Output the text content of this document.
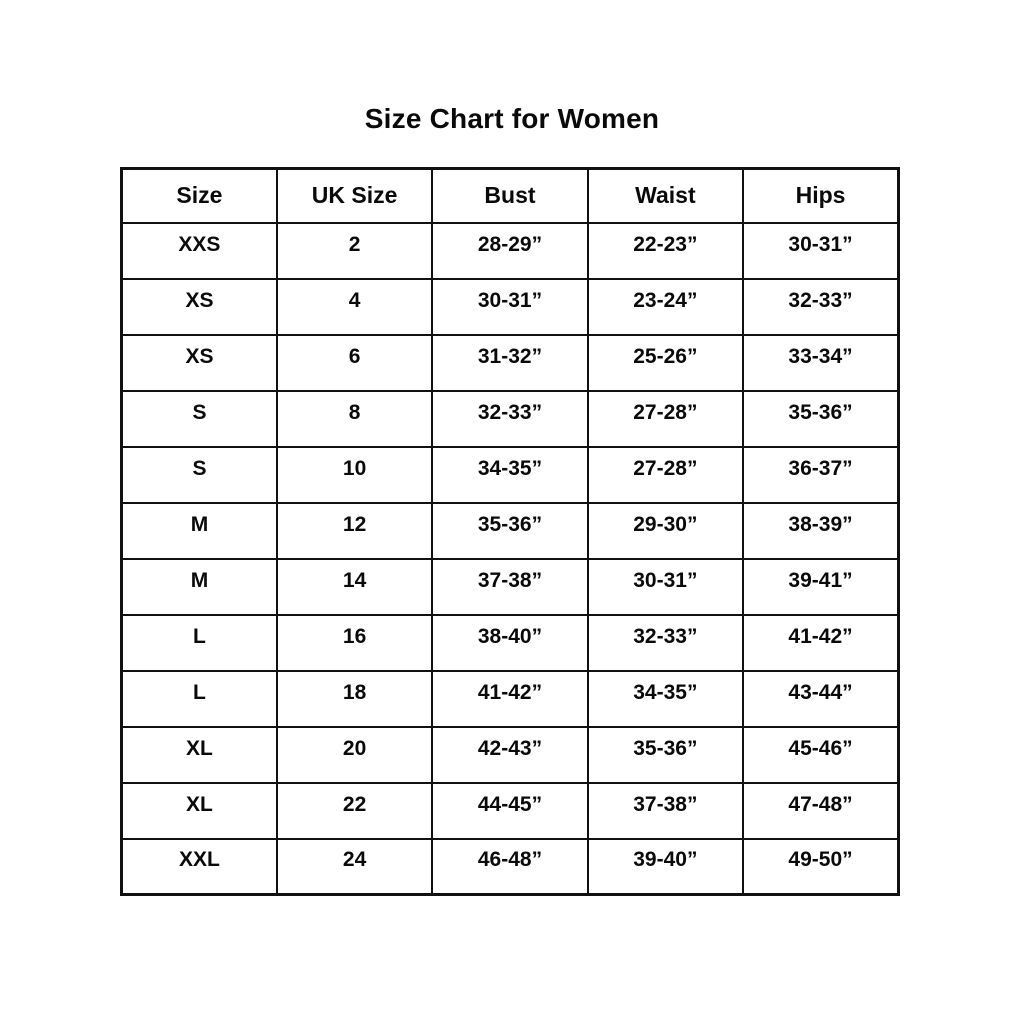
Size Chart for Women
Size	UK Size	Bust	Waist	Hips
XXS	2	28-29”	22-23”	30-31”
XS	4	30-31”	23-24”	32-33”
XS	6	31-32”	25-26”	33-34”
S	8	32-33”	27-28”	35-36”
S	10	34-35”	27-28”	36-37”
M	12	35-36”	29-30”	38-39”
M	14	37-38”	30-31”	39-41”
L	16	38-40”	32-33”	41-42”
L	18	41-42”	34-35”	43-44”
XL	20	42-43”	35-36”	45-46”
XL	22	44-45”	37-38”	47-48”
XXL	24	46-48”	39-40”	49-50”
